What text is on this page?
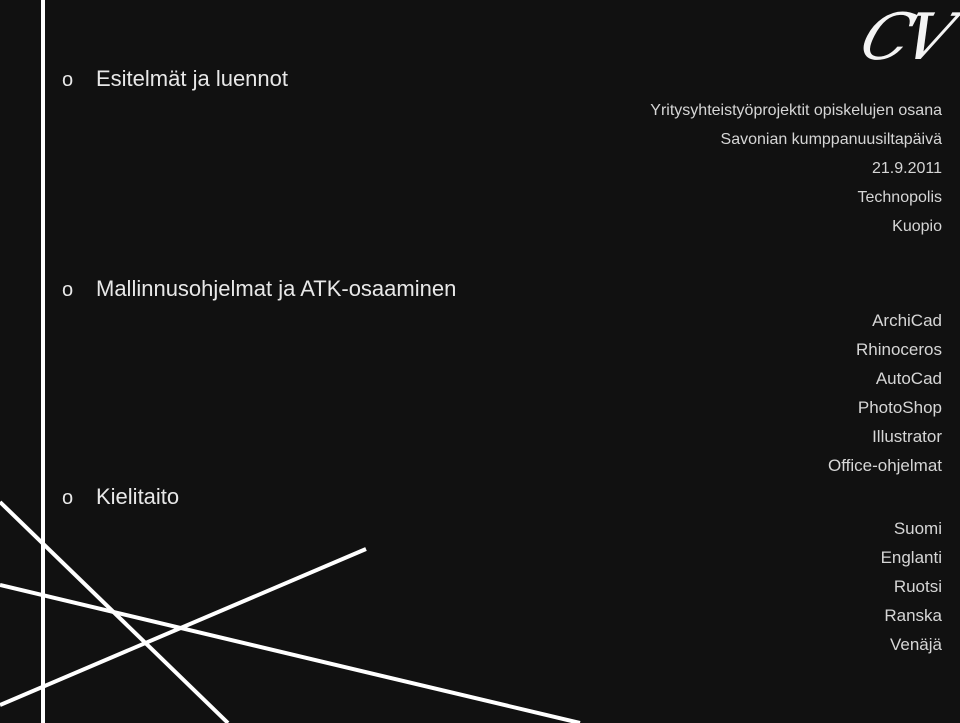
CV
o Esitelmät ja luennot
o Mallinnusohjelmat ja ATK-osaaminen
o Kielitaito
Yritysyhteistyöprojektit opiskelujen osana
Savonian kumppanuusiltapäivä
21.9.2011
Technopolis
Kuopio
ArchiCad
Rhinoceros
AutoCad
PhotoShop
Illustrator
Office-ohjelmat
Suomi
Englanti
Ruotsi
Ranska
Venäjä
